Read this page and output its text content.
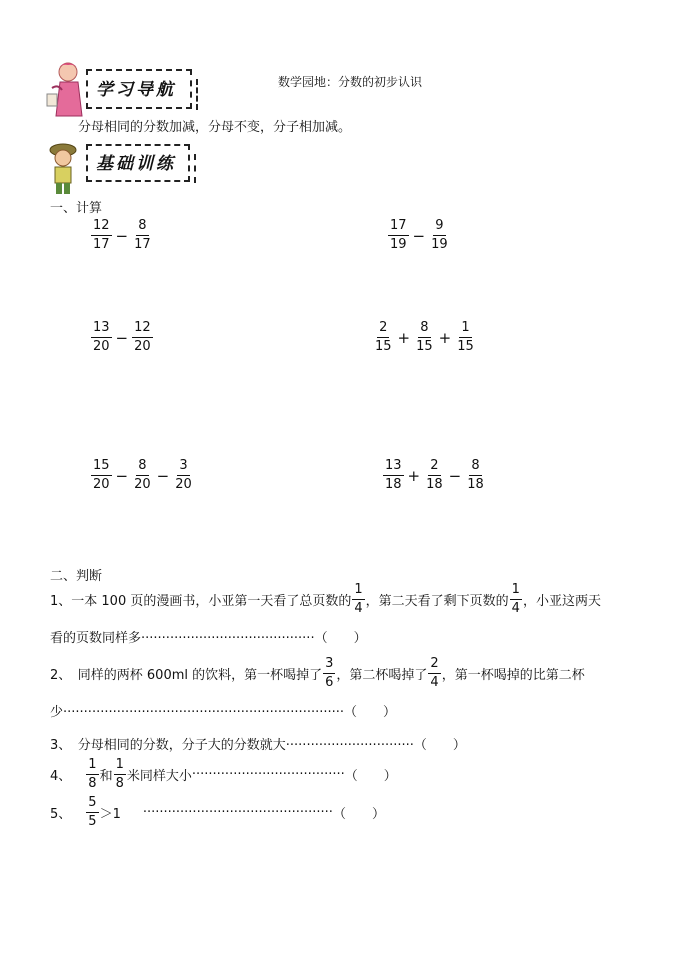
学习导航	数学园地：分数的初步认识
分母相同的分数加减，分母不变，分子相加减。
基础训练
一、计算
$\frac{12}{17} - \frac{8}{17}$	$\frac{17}{19} - \frac{9}{19}$
$\frac{13}{20} - \frac{12}{20}$	$\frac{2}{15} + \frac{8}{15} + \frac{1}{15}$
$\frac{15}{20} - \frac{8}{20} - \frac{3}{20}$	$\frac{13}{18} + \frac{2}{18} - \frac{8}{18}$
二、判断
1、一本 100 页的漫画书，小亚第一天看了总页数的 $\frac{1}{4}$ ，第二天看了剩下页数的 $\frac{1}{4}$ ，小亚这两天
看的页数同样多··········································（　　）
2、　同样的两杯 600ml 的饮料，第一杯喝掉了 $\frac{3}{6}$ ，第二杯喝掉了 $\frac{2}{4}$ ，第一杯喝掉的比第二杯
少····································································（　　）
3、　分母相同的分数，分子大的分数就大·······························（　　）
4、 $\frac{1}{8}$ 和 $\frac{1}{8}$ 米同样大小 ····································· （　　）
5、 $\frac{5}{5} >1$ ·············································· （　　）
